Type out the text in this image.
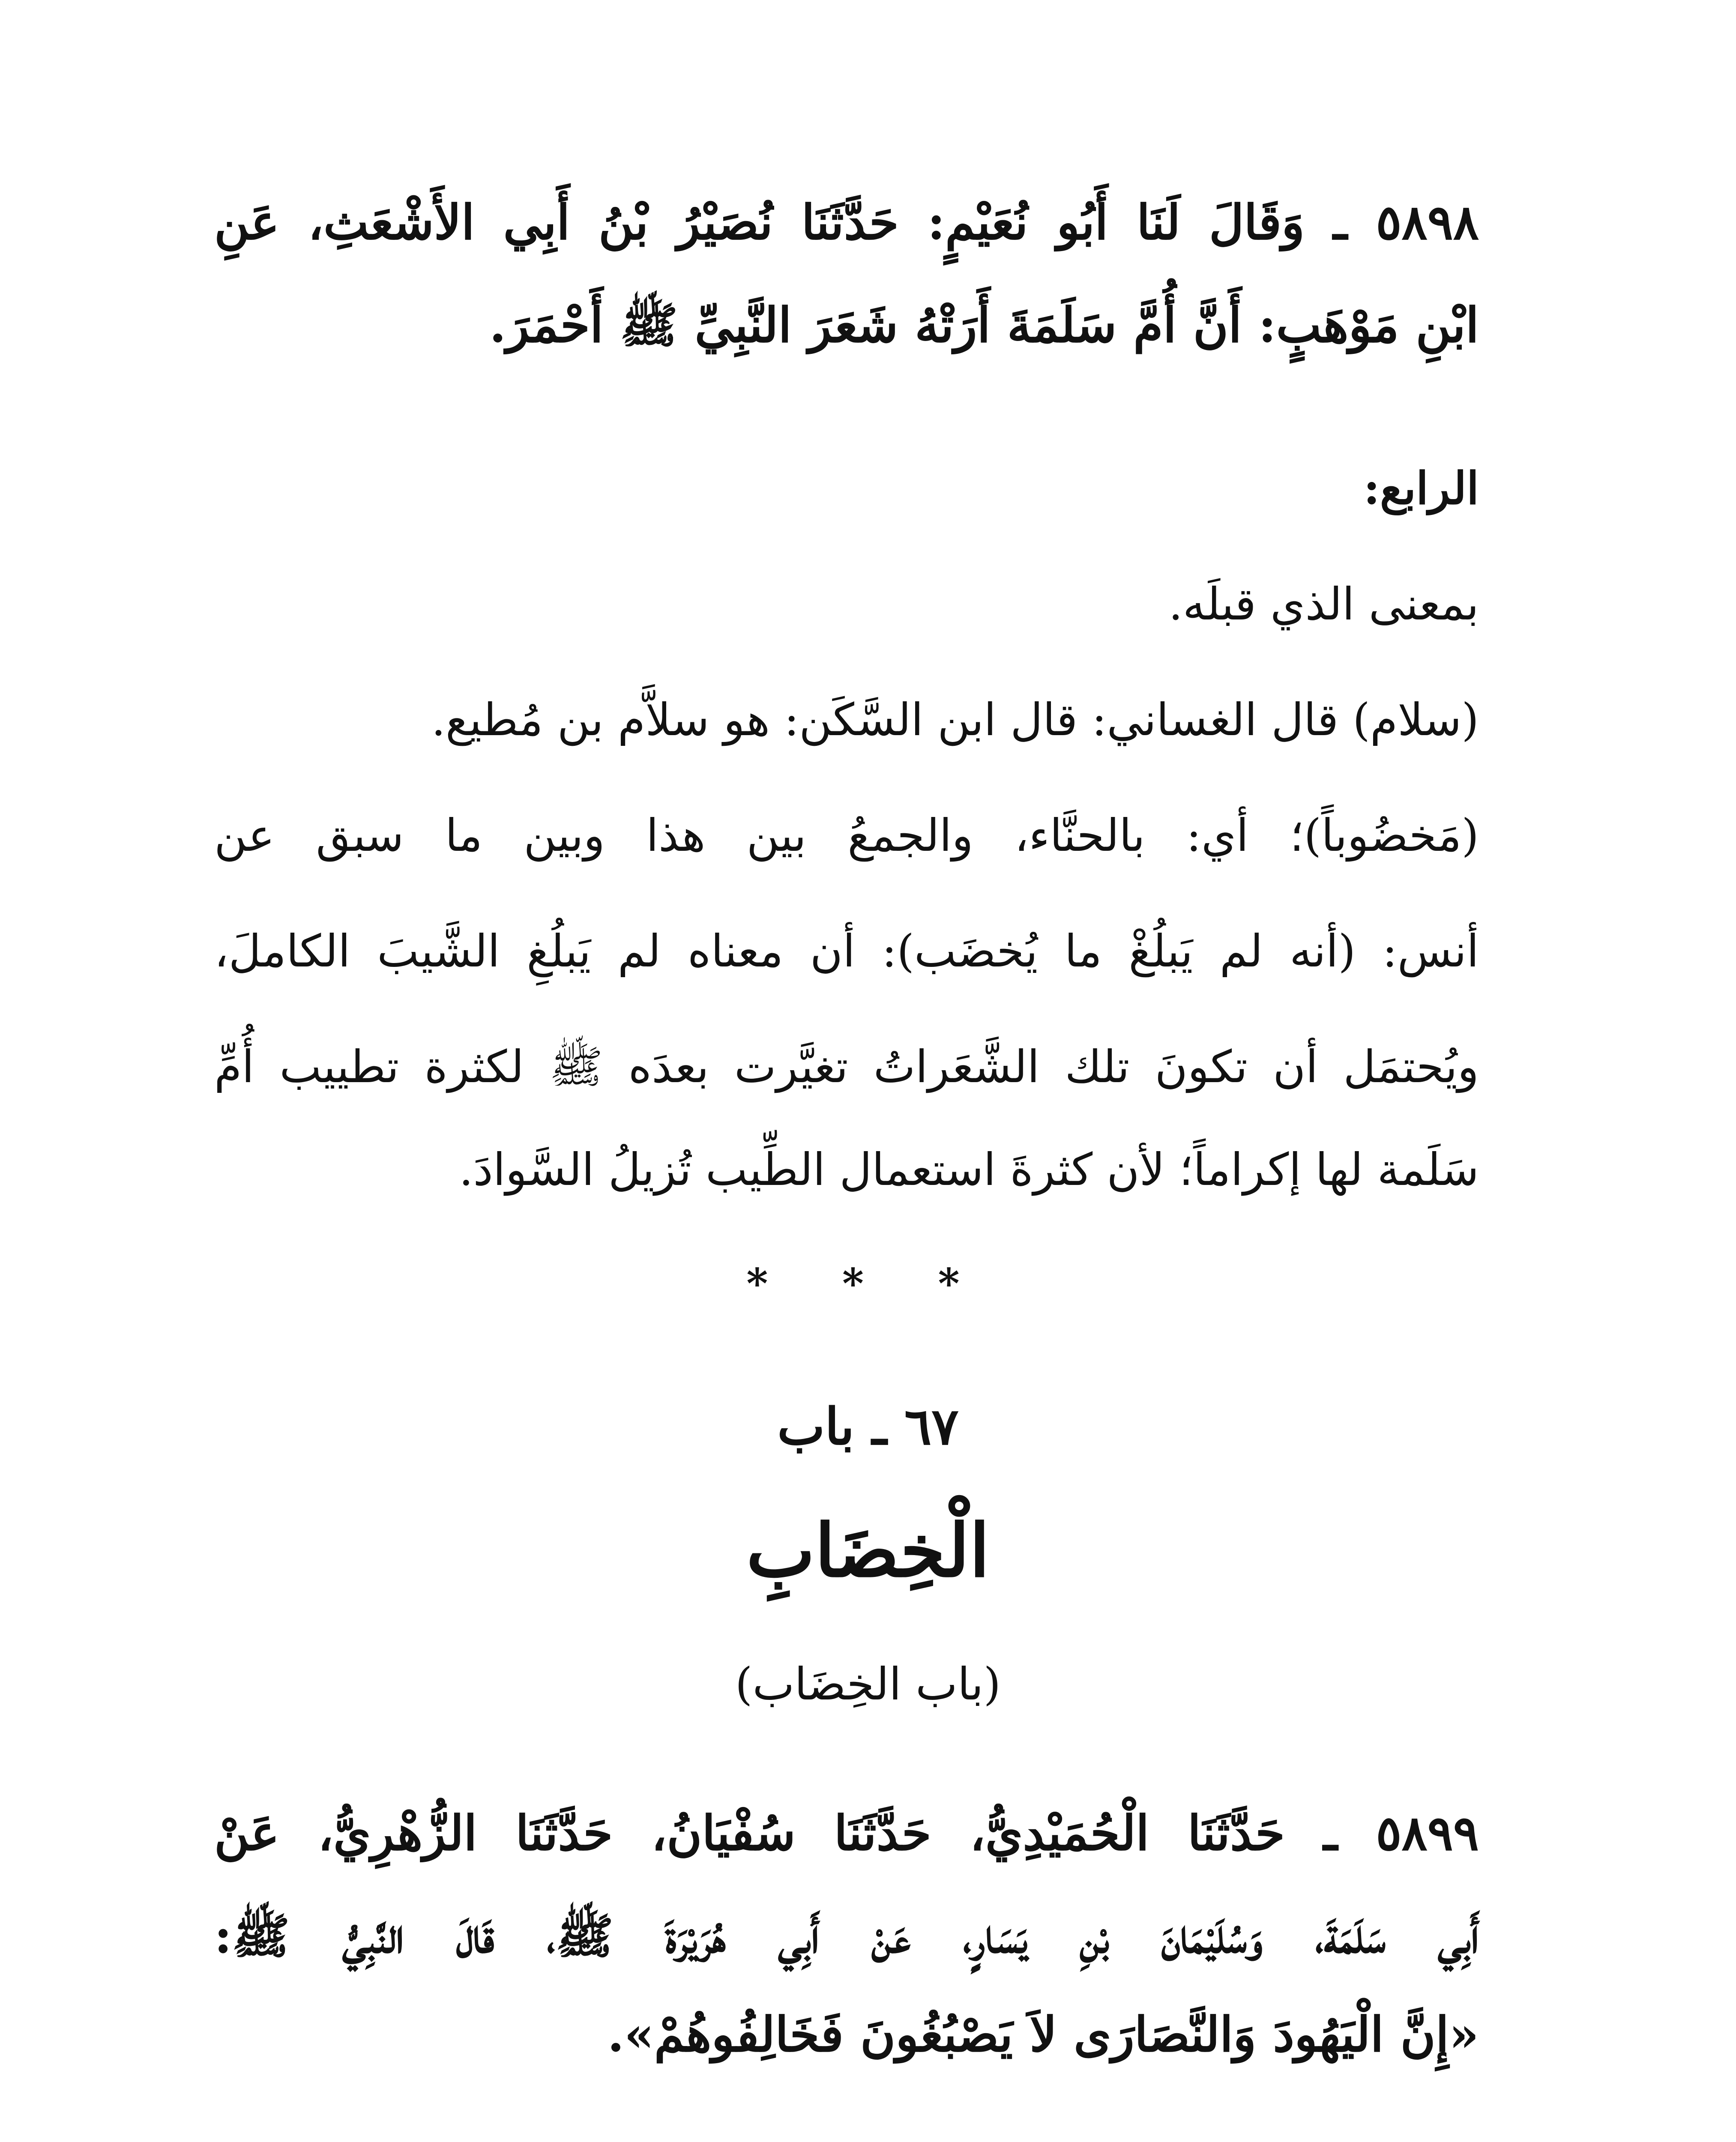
٥٨٩٨ ـ وَقَالَ لَنَا أَبُو نُعَيْمٍ: حَدَّثَنَا نُصَيْرُ بْنُ أَبِي الأَشْعَثِ، عَنِ
ابْنِ مَوْهَبٍ: أَنَّ أُمَّ سَلَمَةَ أَرَتْهُ شَعَرَ النَّبِيِّ ﷺ أَحْمَرَ.
الرابع:
بمعنى الذي قبلَه.
(سلام) قال الغساني: قال ابن السَّكَن: هو سلاَّم بن مُطيع.
(مَخضُوباً)؛ أي: بالحنَّاء، والجمعُ بين هذا وبين ما سبق عن
أنس: (أنه لم يَبلُغْ ما يُخضَب): أن معناه لم يَبلُغِ الشَّيبَ الكاملَ،
ويُحتمَل أن تكونَ تلك الشَّعَراتُ تغيَّرت بعدَه ﷺ لكثرة تطييب أُمِّ
سَلَمة لها إكراماً؛ لأن كثرةَ استعمال الطِّيب تُزيلُ السَّوادَ.
* * *
٦٧ ـ باب
الْخِضَابِ
(باب الخِضَاب)
٥٨٩٩ ـ حَدَّثَنَا الْحُمَيْدِيُّ، حَدَّثَنَا سُفْيَانُ، حَدَّثَنَا الزُّهْرِيُّ، عَنْ
أَبِي سَلَمَةَ، وَسُلَيْمَانَ بْنِ يَسَارٍ، عَنْ أَبِي هُرَيْرَةَ ﷺ، قَالَ النَّبِيُّ ﷺ:
«إِنَّ الْيَهُودَ وَالنَّصَارَى لاَ يَصْبُغُونَ فَخَالِفُوهُمْ».
